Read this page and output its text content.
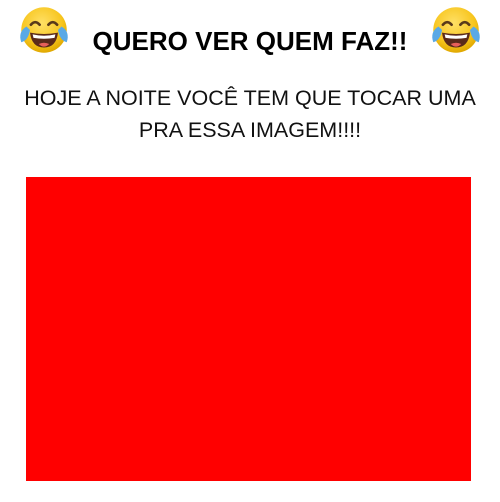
QUERO VER QUEM FAZ!!
HOJE A NOITE VOCÊ TEM QUE TOCAR UMA
PRA ESSA IMAGEM!!!!
